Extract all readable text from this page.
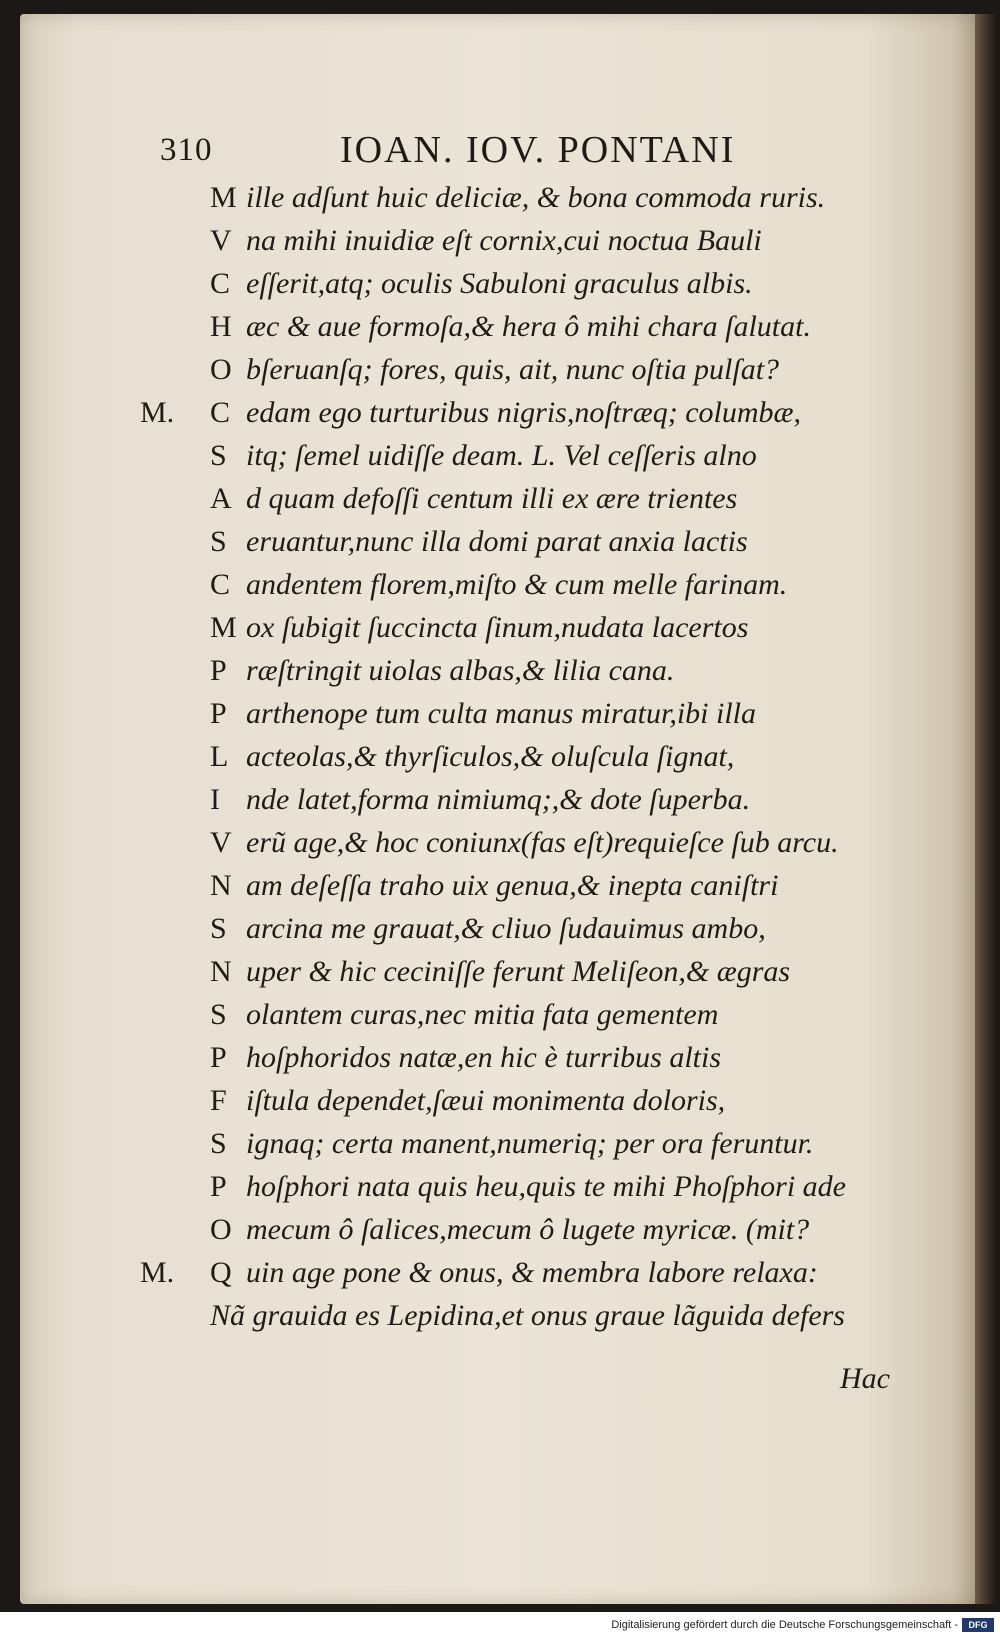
310	IOAN. IOV. PONTANI
M ille adſunt huic deliciæ, & bona commoda ruris.
V na mihi inuidiæ eſt cornix,cui noctua Bauli
C eſſerit,atq; oculis Sabuloni graculus albis.
H æc & aue formoſa,& hera ô mihi chara ſalutat.
O bſeruanſq; fores, quis, ait, nunc oſtia pulſat?
M. C edam ego turturibus nigris,noſtræq; columbæ,
S itq; ſemel uidiſſe deam. L. Vel ceſſeris alno
A d quam defoſſi centum illi ex ære trientes
S eruantur,nunc illa domi parat anxia lactis
C andentem florem,miſto & cum melle farinam.
M ox ſubigit ſuccincta ſinum,nudata lacertos
P ræſtringit uiolas albas,& lilia cana.
P arthenope tum culta manus miratur,ibi illa
L acteolas,& thyrſiculos,& oluſcula ſignat,
I nde latet,forma nimiumq;,& dote ſuperba.
V erũ age,& hoc coniunx(fas eſt)requieſce ſub arcu.
N am deſeſſa traho uix genua,& inepta caniſtri
S arcina me grauat,& cliuo ſudauimus ambo,
N uper & hic ceciniſſe ferunt Meliſeon,& ægras
S olantem curas,nec mitia fata gementem
P hoſphoridos natæ,en hic è turribus altis
F iſtula dependet,ſæui monimenta doloris,
S ignaq; certa manent,numeriq; per ora feruntur.
P hoſphori nata quis heu,quis te mihi Phoſphori ade
O mecum ô ſalices,mecum ô lugete myricæ. (mit?
M. Q uin age pone & onus, & membra labore relaxa:
Nã grauida es Lepidina,et onus graue lãguida defers
Hac
Digitalisierung gefördert durch die Deutsche Forschungsgemeinschaft -	DFG
